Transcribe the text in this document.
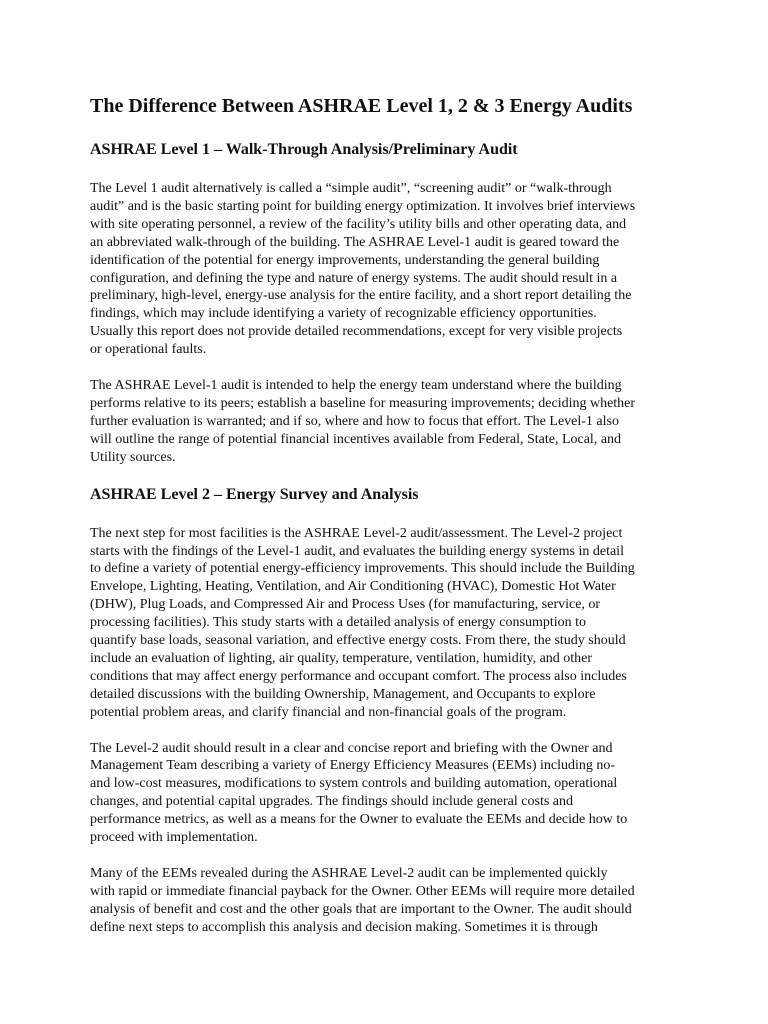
The Difference Between ASHRAE Level 1, 2 & 3 Energy Audits
ASHRAE Level 1 – Walk-Through Analysis/Preliminary Audit

The Level 1 audit alternatively is called a “simple audit”, “screening audit” or “walk-through
audit” and is the basic starting point for building energy optimization. It involves brief interviews
with site operating personnel, a review of the facility’s utility bills and other operating data, and
an abbreviated walk-through of the building. The ASHRAE Level-1 audit is geared toward the
identification of the potential for energy improvements, understanding the general building
configuration, and defining the type and nature of energy systems. The audit should result in a
preliminary, high-level, energy-use analysis for the entire facility, and a short report detailing the
findings, which may include identifying a variety of recognizable efficiency opportunities.
Usually this report does not provide detailed recommendations, except for very visible projects
or operational faults.

The ASHRAE Level-1 audit is intended to help the energy team understand where the building
performs relative to its peers; establish a baseline for measuring improvements; deciding whether
further evaluation is warranted; and if so, where and how to focus that effort. The Level-1 also
will outline the range of potential financial incentives available from Federal, State, Local, and
Utility sources.

ASHRAE Level 2 – Energy Survey and Analysis

The next step for most facilities is the ASHRAE Level-2 audit/assessment. The Level-2 project
starts with the findings of the Level-1 audit, and evaluates the building energy systems in detail
to define a variety of potential energy-efficiency improvements. This should include the Building
Envelope, Lighting, Heating, Ventilation, and Air Conditioning (HVAC), Domestic Hot Water
(DHW), Plug Loads, and Compressed Air and Process Uses (for manufacturing, service, or
processing facilities). This study starts with a detailed analysis of energy consumption to
quantify base loads, seasonal variation, and effective energy costs. From there, the study should
include an evaluation of lighting, air quality, temperature, ventilation, humidity, and other
conditions that may affect energy performance and occupant comfort. The process also includes
detailed discussions with the building Ownership, Management, and Occupants to explore
potential problem areas, and clarify financial and non-financial goals of the program.

The Level-2 audit should result in a clear and concise report and briefing with the Owner and
Management Team describing a variety of Energy Efficiency Measures (EEMs) including no-
and low-cost measures, modifications to system controls and building automation, operational
changes, and potential capital upgrades. The findings should include general costs and
performance metrics, as well as a means for the Owner to evaluate the EEMs and decide how to
proceed with implementation.

Many of the EEMs revealed during the ASHRAE Level-2 audit can be implemented quickly
with rapid or immediate financial payback for the Owner. Other EEMs will require more detailed
analysis of benefit and cost and the other goals that are important to the Owner. The audit should
define next steps to accomplish this analysis and decision making. Sometimes it is through
